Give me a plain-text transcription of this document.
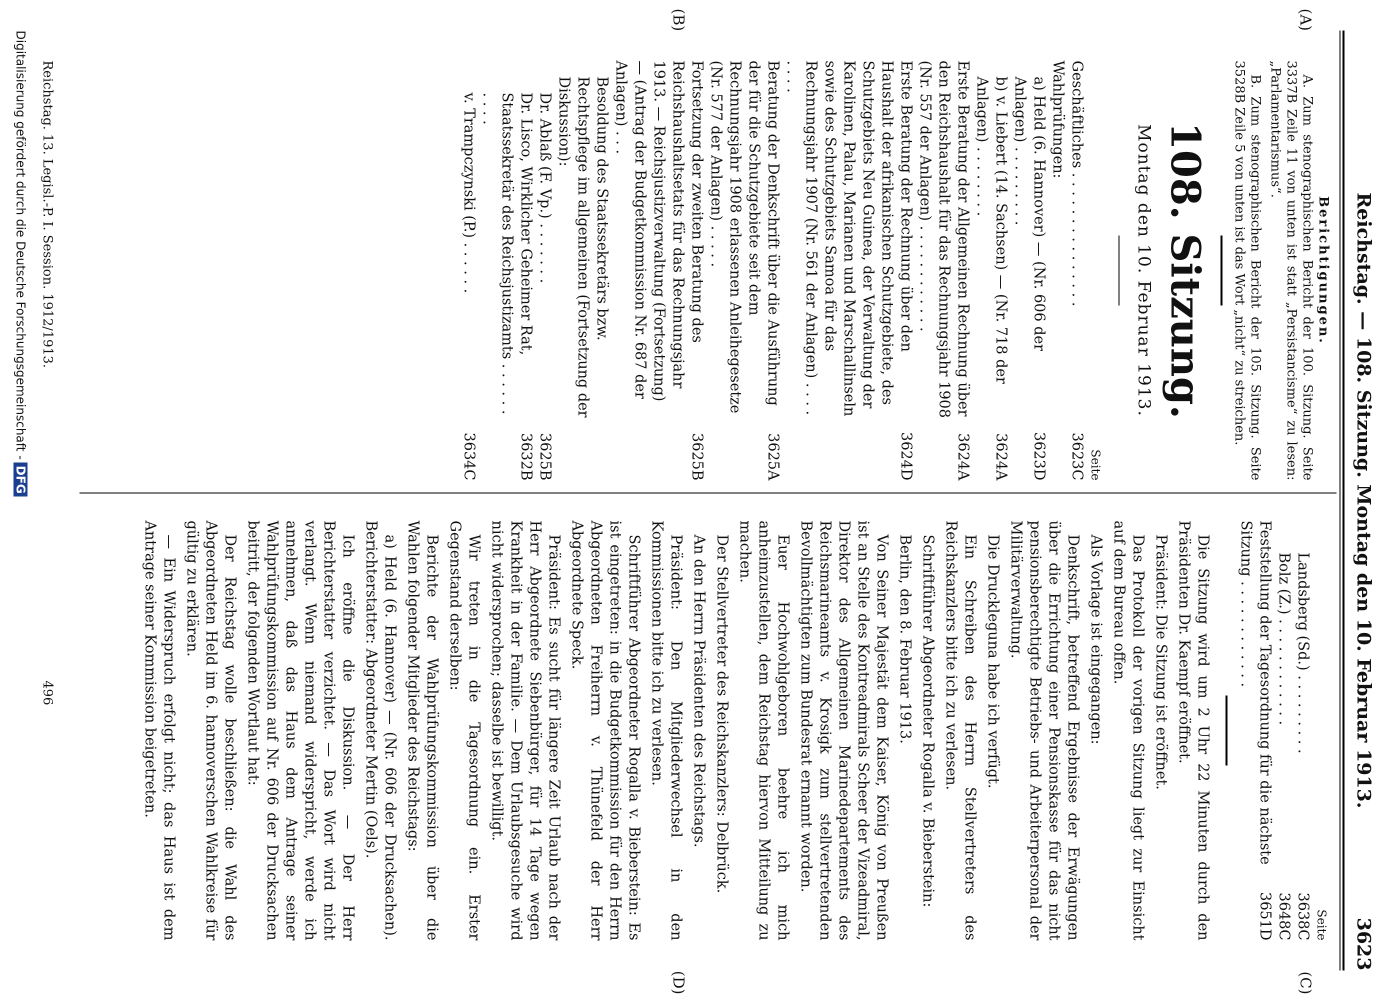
Reichstag. — 108. Sitzung. Montag den 10. Februar 1913.
3623
(A)
(B)
(C)
(D)
Berichtigungen.

A. Zum stenographischen Bericht der 100. Sitzung. Seite 3337B Zeile 11 von unten ist statt „Persistancisme“ zu lesen: „Parlamentarismus“.

B. Zum stenographischen Bericht der 105. Sitzung. Seite 3528B Zeile 5 von unten ist das Wort „nicht“ zu streichen.

108. Sitzung.
Montag den 10. Februar 1913.
Seite
Geschäftliches . . . . . . . . . . . . . . .
3623C
Wahlprüfungen:
a) Held (6. Hannover) — (Nr. 606 der Anlagen) . . . . . . . . .
3623D
b) v. Liebert (14. Sachsen) — (Nr. 718 der Anlagen) . . . . . . . .
3624A
Erste Beratung der Allgemeinen Rechnung über den Reichshaushalt für das Rechnungsjahr 1908 (Nr. 557 der Anlagen) . . . . . . . . . . . .
3624A
Erste Beratung der Rechnung über den Haushalt der afrikanischen Schutzgebiete, des Schutzgebiets Neu Guinea, der Verwaltung der Karolinen, Palau, Marianen und Marschallinseln sowie des Schutzgebiets Samoa für das Rechnungsjahr 1907 (Nr. 561 der Anlagen) . . . . . . . .
3624D
Beratung der Denkschrift über die Ausführung der für die Schutzgebiete seit dem Rechnungsjahr 1908 erlassenen Anleihegesetze (Nr. 577 der Anlagen) . . . . .
3625A
Fortsetzung der zweiten Beratung des Reichshaushaltsetats für das Rechnungsjahr 1913. — Reichsjustizverwaltung (Fortsetzung) — (Antrag der Budgetkommission Nr. 687 der Anlagen) . . .
3625B
Besoldung des Staatssekretärs bzw. Rechtspflege im allgemeinen (Fortsetzung der Diskussion):
Dr. Ablaß (F. Vp.) . . . . . . .
3625B
Dr. Lisco, Wirklicher Geheimer Rat, Staatssekretär des Reichsjustizamts . . . . . . . . . .
3632B
v. Trampczynski (P.) . . . . . .
3634C
Seite
Landsberg (Sd.) . . . . . . . . .
3638C
Bolz (Z.) . . . . . . . . . . . .
3648C
Feststellung der Tagesordnung für die nächste Sitzung . . . . . . . . . . . .
3651D

Die Sitzung wird um 2 Uhr 22 Minuten durch den Präsidenten Dr. Kaempf eröffnet.

Präsident: Die Sitzung ist eröffnet.

Das Protokoll der vorigen Sitzung liegt zur Einsicht auf dem Bureau offen.

Als Vorlage ist eingegangen:

Denkschrift, betreffend Ergebnisse der Erwägungen über die Errichtung einer Pensionskasse für das nicht pensionsberechtigte Betriebs- und Arbeiterpersonal der Militärverwaltung.

Die Druckleguna habe ich verfügt.

Ein Schreiben des Herrn Stellvertreters des Reichskanzlers bitte ich zu verlesen.

Schriftführer Abgeordneter Rogalla v. Bieberstein:

Berlin, den 8. Februar 1913.

Von Seiner Majestät dem Kaiser, König von Preußen ist an Stelle des Kontreadmirals Scheer der Vizeadmiral, Direktor des Allgemeinen Marinedepartements des Reichsmarineamts v. Krosigk zum stellvertretenden Bevollmächtigten zum Bundesrat ernannt worden.

Euer Hochwohlgeboren beehre ich mich anheimzustellen, dem Reichstag hiervon Mitteilung zu machen.

Der Stellvertreter des Reichskanzlers: Delbrück.

An den Herrn Präsidenten des Reichstags.

Präsident: Den Mitgliederwechsel in den Kommissionen bitte ich zu verlesen.

Schriftführer Abgeordneter Rogalla v. Bieberstein: Es ist eingetreten: in die Budgetkommission für den Herrn Abgeordneten Freiherrn v. Thünefeld der Herr Abgeordnete Speck.

Präsident: Es sucht für längere Zeit Urlaub nach der Herr Abgeordnete Siebenbürger, für 14 Tage wegen Krankheit in der Familie. — Dem Urlaubsgesuche wird nicht widersprochen; dasselbe ist bewilligt.

Wir treten in die Tagesordnung ein. Erster Gegenstand derselben:

Berichte der Wahlprüfungskommission über die Wahlen folgender Mitglieder des Reichstags:

a) Held (6. Hannover) — (Nr. 606 der Drucksachen). Berichterstatter: Abgeordneter Mertin (Oels).

Ich eröffne die Diskussion. — Der Herr Berichterstatter verzichtet. — Das Wort wird nicht verlangt. Wenn niemand widerspricht, werde ich annehmen, daß das Haus dem Antrage seiner Wahlprüfungskommission auf Nr. 606 der Drucksachen beitritt, der folgenden Wortlaut hat:

Der Reichstag wolle beschließen: die Wahl des Abgeordneten Held im 6. hannoverschen Wahlkreise für gültig zu erklären.

— Ein Widerspruch erfolgt nicht; das Haus ist dem Antrage seiner Kommission beigetreten.

Reichstag. 13. Legisl.-P. I. Session. 1912/1913.
496
Digitalisierung gefördert durch die Deutsche Forschungsgemeinschaft -DFG
